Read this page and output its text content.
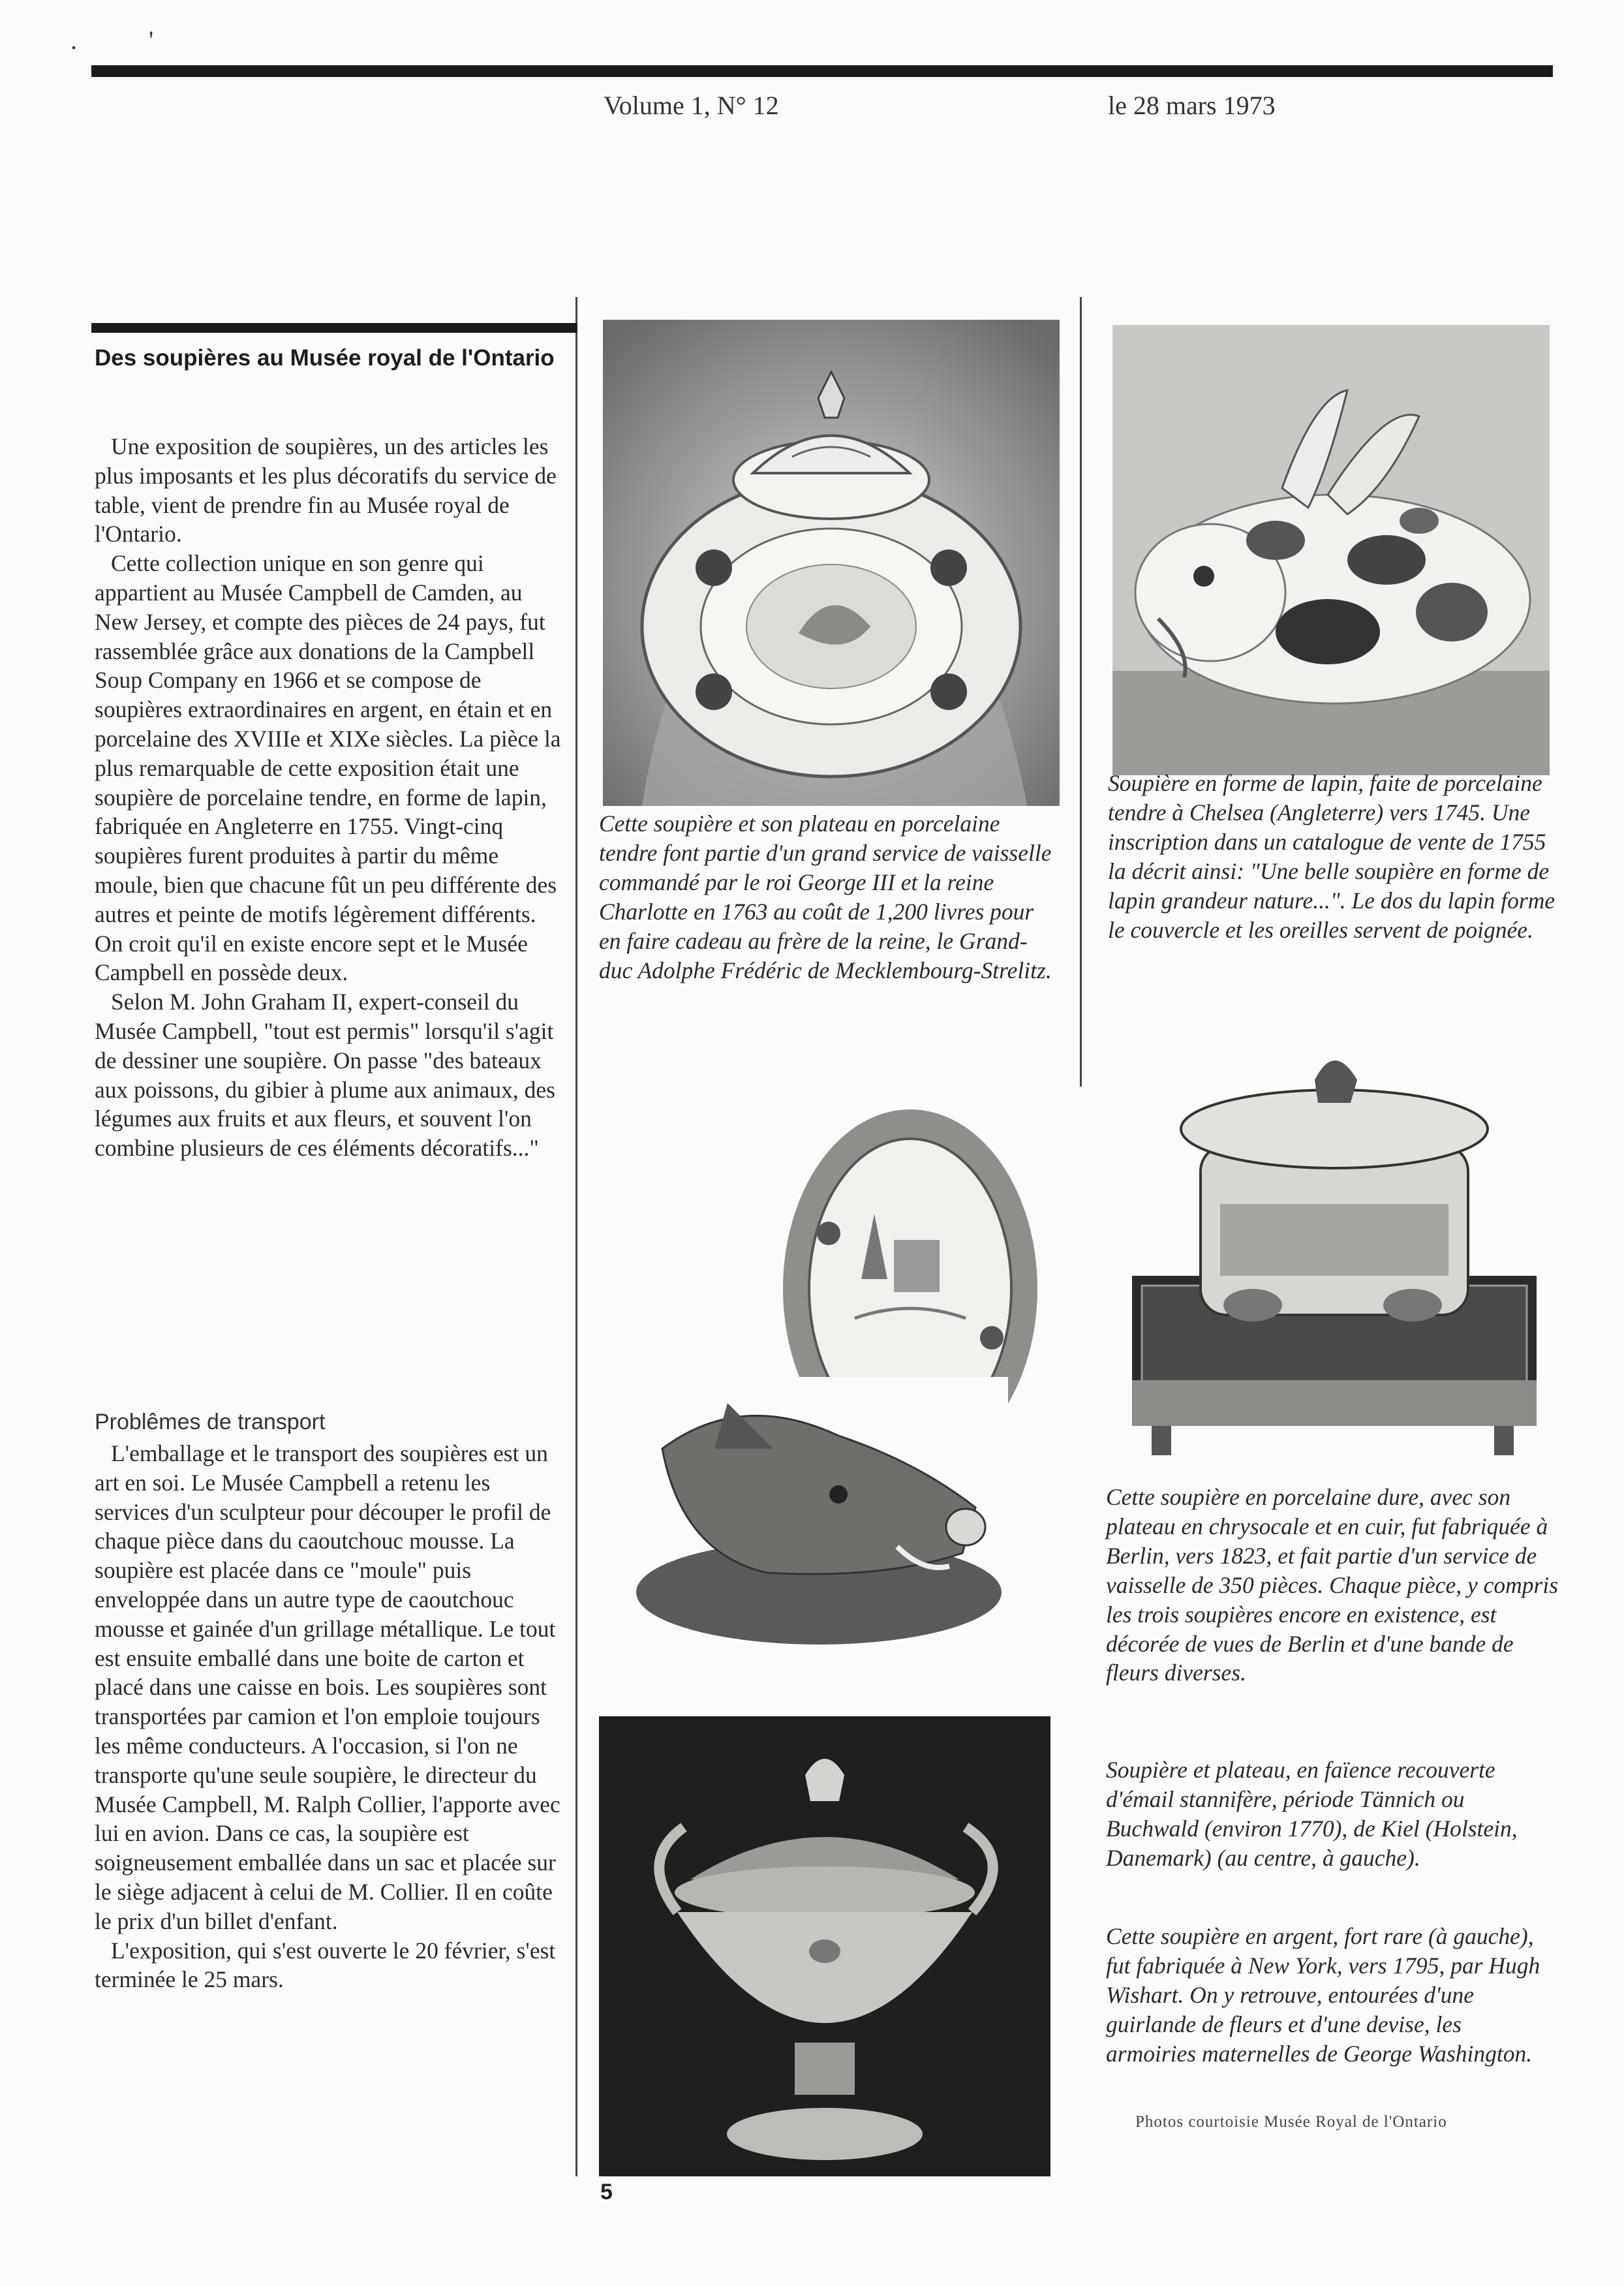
. '
Volume 1, N° 12	le 28 mars 1973
Des soupières au Musée royal de l'Ontario

Une exposition de soupières, un des articles les plus imposants et les plus décoratifs du service de table, vient de prendre fin au Musée royal de l'Ontario.

Cette collection unique en son genre qui appartient au Musée Campbell de Camden, au New Jersey, et compte des pièces de 24 pays, fut rassemblée grâce aux donations de la Campbell Soup Company en 1966 et se compose de soupières extraordinaires en argent, en étain et en porcelaine des XVIIIe et XIXe siècles. La pièce la plus remarquable de cette exposition était une soupière de porcelaine tendre, en forme de lapin, fabriquée en Angleterre en 1755. Vingt-cinq soupières furent produites à partir du même moule, bien que chacune fût un peu différente des autres et peinte de motifs légèrement différents. On croit qu'il en existe encore sept et le Musée Campbell en possède deux.

Selon M. John Graham II, expert-conseil du Musée Campbell, "tout est permis" lorsqu'il s'agit de dessiner une soupière. On passe "des bateaux aux poissons, du gibier à plume aux animaux, des légumes aux fruits et aux fleurs, et souvent l'on combine plusieurs de ces éléments décoratifs..."

Problêmes de transport

L'emballage et le transport des soupières est un art en soi. Le Musée Campbell a retenu les services d'un sculpteur pour découper le profil de chaque pièce dans du caoutchouc mousse. La soupière est placée dans ce "moule" puis enveloppée dans un autre type de caoutchouc mousse et gainée d'un grillage métallique. Le tout est ensuite emballé dans une boite de carton et placé dans une caisse en bois. Les soupières sont transportées par camion et l'on emploie toujours les même conducteurs. A l'occasion, si l'on ne transporte qu'une seule soupière, le directeur du Musée Campbell, M. Ralph Collier, l'apporte avec lui en avion. Dans ce cas, la soupière est soigneusement emballée dans un sac et placée sur le siège adjacent à celui de M. Collier. Il en coûte le prix d'un billet d'enfant.

L'exposition, qui s'est ouverte le 20 février, s'est terminée le 25 mars.

Cette soupière et son plateau en porcelaine tendre font partie d'un grand service de vaisselle commandé par le roi George III et la reine Charlotte en 1763 au coût de 1,200 livres pour en faire cadeau au frère de la reine, le Grand-duc Adolphe Frédéric de Mecklembourg-Strelitz.
Soupière en forme de lapin, faite de porcelaine tendre à Chelsea (Angleterre) vers 1745. Une inscription dans un catalogue de vente de 1755 la décrit ainsi: "Une belle soupière en forme de lapin grandeur nature...". Le dos du lapin forme le couvercle et les oreilles servent de poignée.
Cette soupière en porcelaine dure, avec son plateau en chrysocale et en cuir, fut fabriquée à Berlin, vers 1823, et fait partie d'un service de vaisselle de 350 pièces. Chaque pièce, y compris les trois soupières encore en existence, est décorée de vues de Berlin et d'une bande de fleurs diverses.
Soupière et plateau, en faïence recouverte d'émail stannifère, période Tännich ou Buchwald (environ 1770), de Kiel (Holstein, Danemark) (au centre, à gauche).
Cette soupière en argent, fort rare (à gauche), fut fabriquée à New York, vers 1795, par Hugh Wishart. On y retrouve, entourées d'une guirlande de fleurs et d'une devise, les armoiries maternelles de George Washington.
Photos courtoisie Musée Royal de l'Ontario
5
